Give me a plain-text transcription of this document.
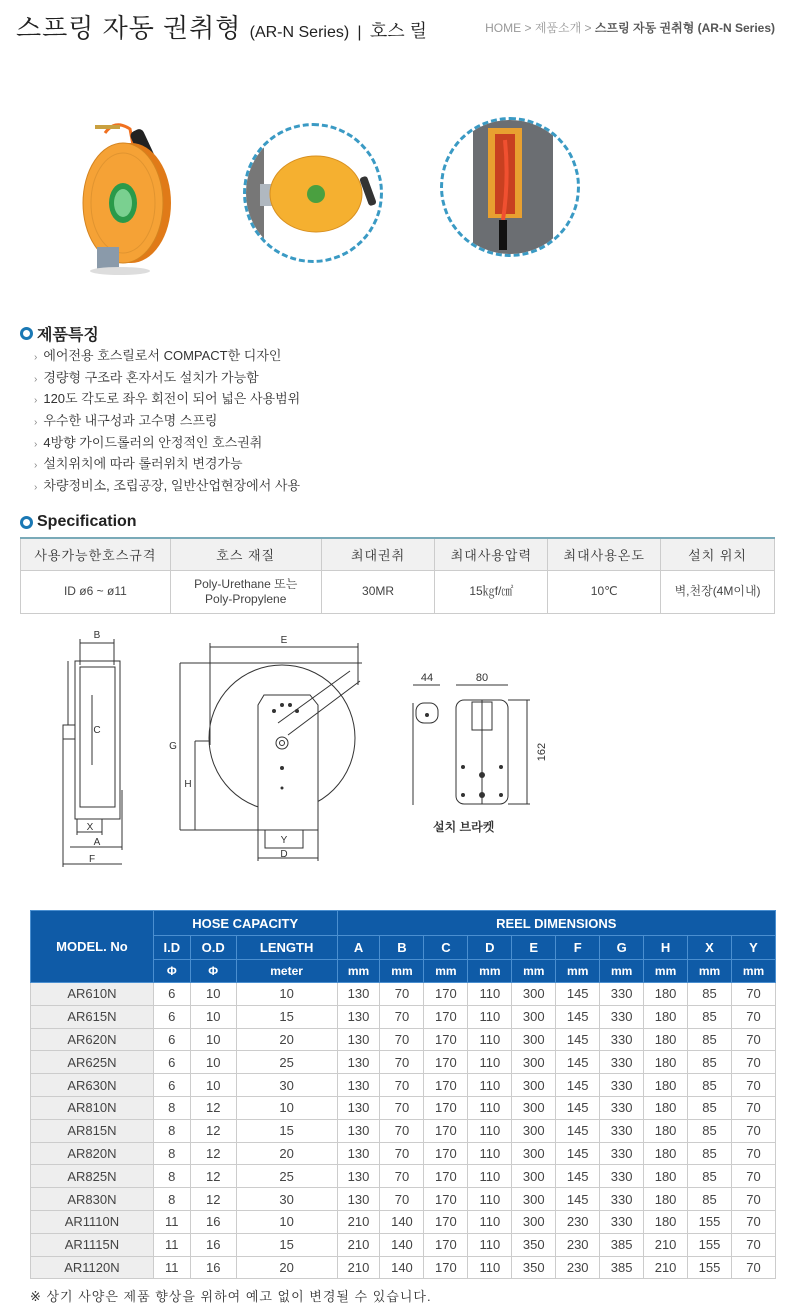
스프링 자동 권취형 (AR-N Series) | 호스 릴	HOME > 제품소개 > 스프링 자동 권취형 (AR-N Series)
제품특징
› 에어전용 호스릴로서 COMPACT한 디자인
› 경량형 구조라 혼자서도 설치가 가능함
› 120도 각도로 좌우 회전이 되어 넓은 사용범위
› 우수한 내구성과 고수명 스프링
› 4방향 가이드롤러의 안정적인 호스권취
› 설치위치에 따라 롤러위치 변경가능
› 차량정비소, 조립공장, 일반산업현장에서 사용
Specification
사용가능한호스규격	호스 재질	최대권취	최대사용압력	최대사용온도	설치 위치
ID ø6 ~ ø11	Poly-Urethane 또는 Poly-Propylene	30MR	15㎏f/㎠	10℃	벽,천장(4M이내)
B
C
X
A
F
E
G
H
Y
D
44	80
162
설치 브라켓
MODEL. No	HOSE CAPACITY			REEL DIMENSIONS									
	I.D	O.D	LENGTH	A	B	C	D	E	F	G	H	X	Y
	Φ	Φ	meter	mm	mm	mm	mm	mm	mm	mm	mm	mm	mm
AR610N	6	10	10	130	70	170	110	300	145	330	180	85	70
AR615N	6	10	15	130	70	170	110	300	145	330	180	85	70
AR620N	6	10	20	130	70	170	110	300	145	330	180	85	70
AR625N	6	10	25	130	70	170	110	300	145	330	180	85	70
AR630N	6	10	30	130	70	170	110	300	145	330	180	85	70
AR810N	8	12	10	130	70	170	110	300	145	330	180	85	70
AR815N	8	12	15	130	70	170	110	300	145	330	180	85	70
AR820N	8	12	20	130	70	170	110	300	145	330	180	85	70
AR825N	8	12	25	130	70	170	110	300	145	330	180	85	70
AR830N	8	12	30	130	70	170	110	300	145	330	180	85	70
AR1110N	11	16	10	210	140	170	110	300	230	330	180	155	70
AR1115N	11	16	15	210	140	170	110	350	230	385	210	155	70
AR1120N	11	16	20	210	140	170	110	350	230	385	210	155	70
※ 상기 사양은 제품 향상을 위하여 예고 없이 변경될 수 있습니다.
